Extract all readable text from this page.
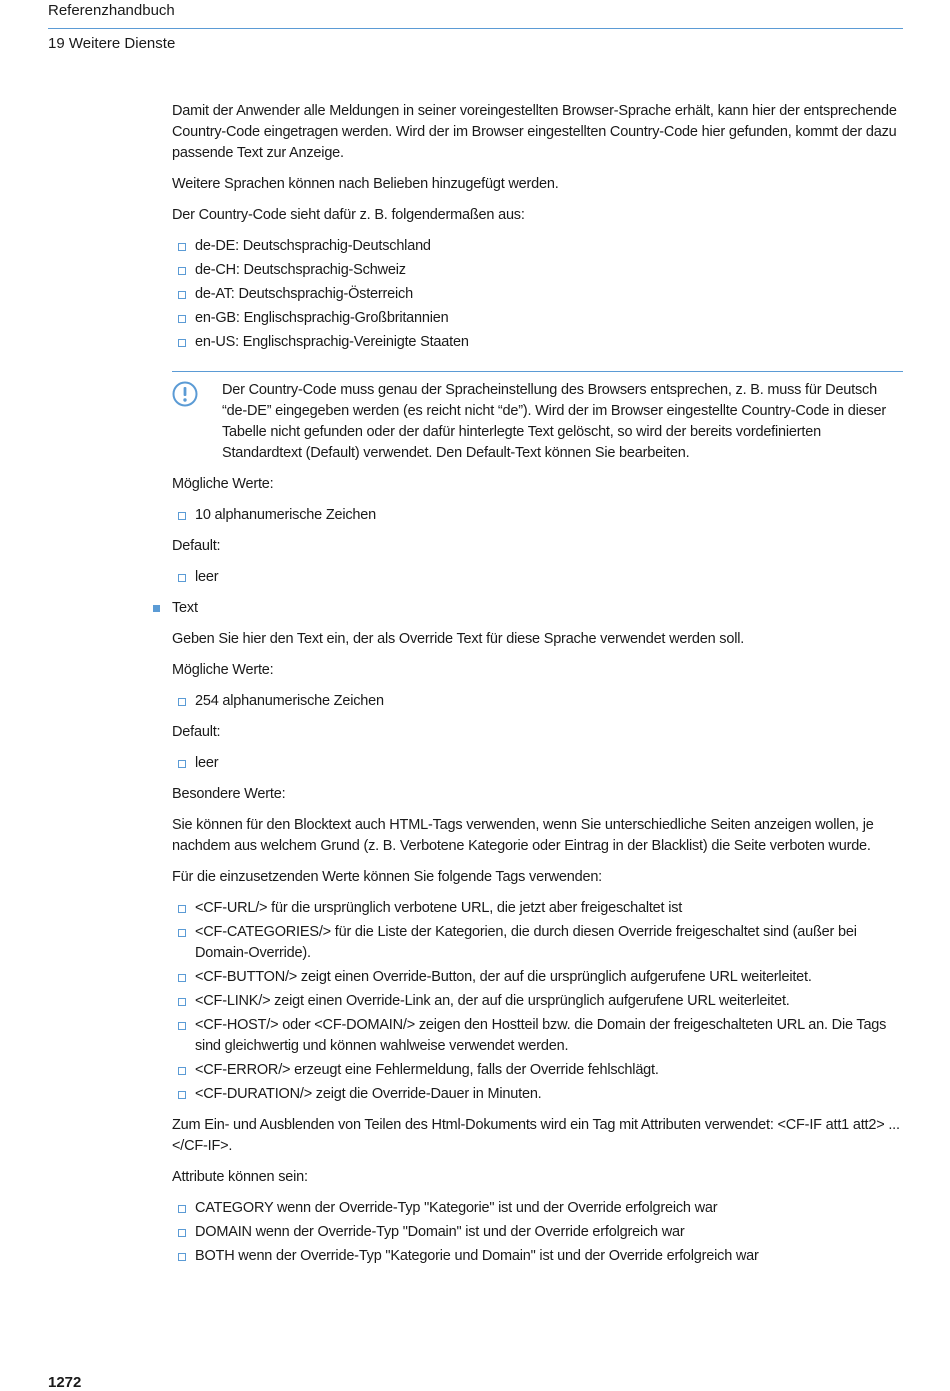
Referenzhandbuch
19 Weitere Dienste

Damit der Anwender alle Meldungen in seiner voreingestellten Browser-Sprache erhält, kann hier der entsprechende Country-Code eingetragen werden. Wird der im Browser eingestellten Country-Code hier gefunden, kommt der dazu passende Text zur Anzeige.

Weitere Sprachen können nach Belieben hinzugefügt werden.

Der Country-Code sieht dafür z. B. folgendermaßen aus:

de-DE: Deutschsprachig-Deutschland
de-CH: Deutschsprachig-Schweiz
de-AT: Deutschsprachig-Österreich
en-GB: Englischsprachig-Großbritannien
en-US: Englischsprachig-Vereinigte Staaten

Der Country-Code muss genau der Spracheinstellung des Browsers entsprechen, z. B. muss für Deutsch “de-DE” eingegeben werden (es reicht nicht “de”). Wird der im Browser eingestellte Country-Code in dieser Tabelle nicht gefunden oder der dafür hinterlegte Text gelöscht, so wird der bereits vordefinierten Standardtext (Default) verwendet. Den Default-Text können Sie bearbeiten.

Mögliche Werte:

10 alphanumerische Zeichen

Default:

leer
Text

Geben Sie hier den Text ein, der als Override Text für diese Sprache verwendet werden soll.

Mögliche Werte:

254 alphanumerische Zeichen

Default:

leer

Besondere Werte:

Sie können für den Blocktext auch HTML-Tags verwenden, wenn Sie unterschiedliche Seiten anzeigen wollen, je nachdem aus welchem Grund (z. B. Verbotene Kategorie oder Eintrag in der Blacklist) die Seite verboten wurde.

Für die einzusetzenden Werte können Sie folgende Tags verwenden:

<CF-URL/> für die ursprünglich verbotene URL, die jetzt aber freigeschaltet ist
<CF-CATEGORIES/> für die Liste der Kategorien, die durch diesen Override freigeschaltet sind (außer bei Domain-Override).
<CF-BUTTON/> zeigt einen Override-Button, der auf die ursprünglich aufgerufene URL weiterleitet.
<CF-LINK/> zeigt einen Override-Link an, der auf die ursprünglich aufgerufene URL weiterleitet.
<CF-HOST/> oder <CF-DOMAIN/> zeigen den Hostteil bzw. die Domain der freigeschalteten URL an. Die Tags sind gleichwertig und können wahlweise verwendet werden.
<CF-ERROR/> erzeugt eine Fehlermeldung, falls der Override fehlschlägt.
<CF-DURATION/> zeigt die Override-Dauer in Minuten.

Zum Ein- und Ausblenden von Teilen des Html-Dokuments wird ein Tag mit Attributen verwendet: <CF-IF att1 att2> ... </CF-IF>.

Attribute können sein:

CATEGORY wenn der Override-Typ "Kategorie" ist und der Override erfolgreich war
DOMAIN wenn der Override-Typ "Domain" ist und der Override erfolgreich war
BOTH wenn der Override-Typ "Kategorie und Domain" ist und der Override erfolgreich war
1272
